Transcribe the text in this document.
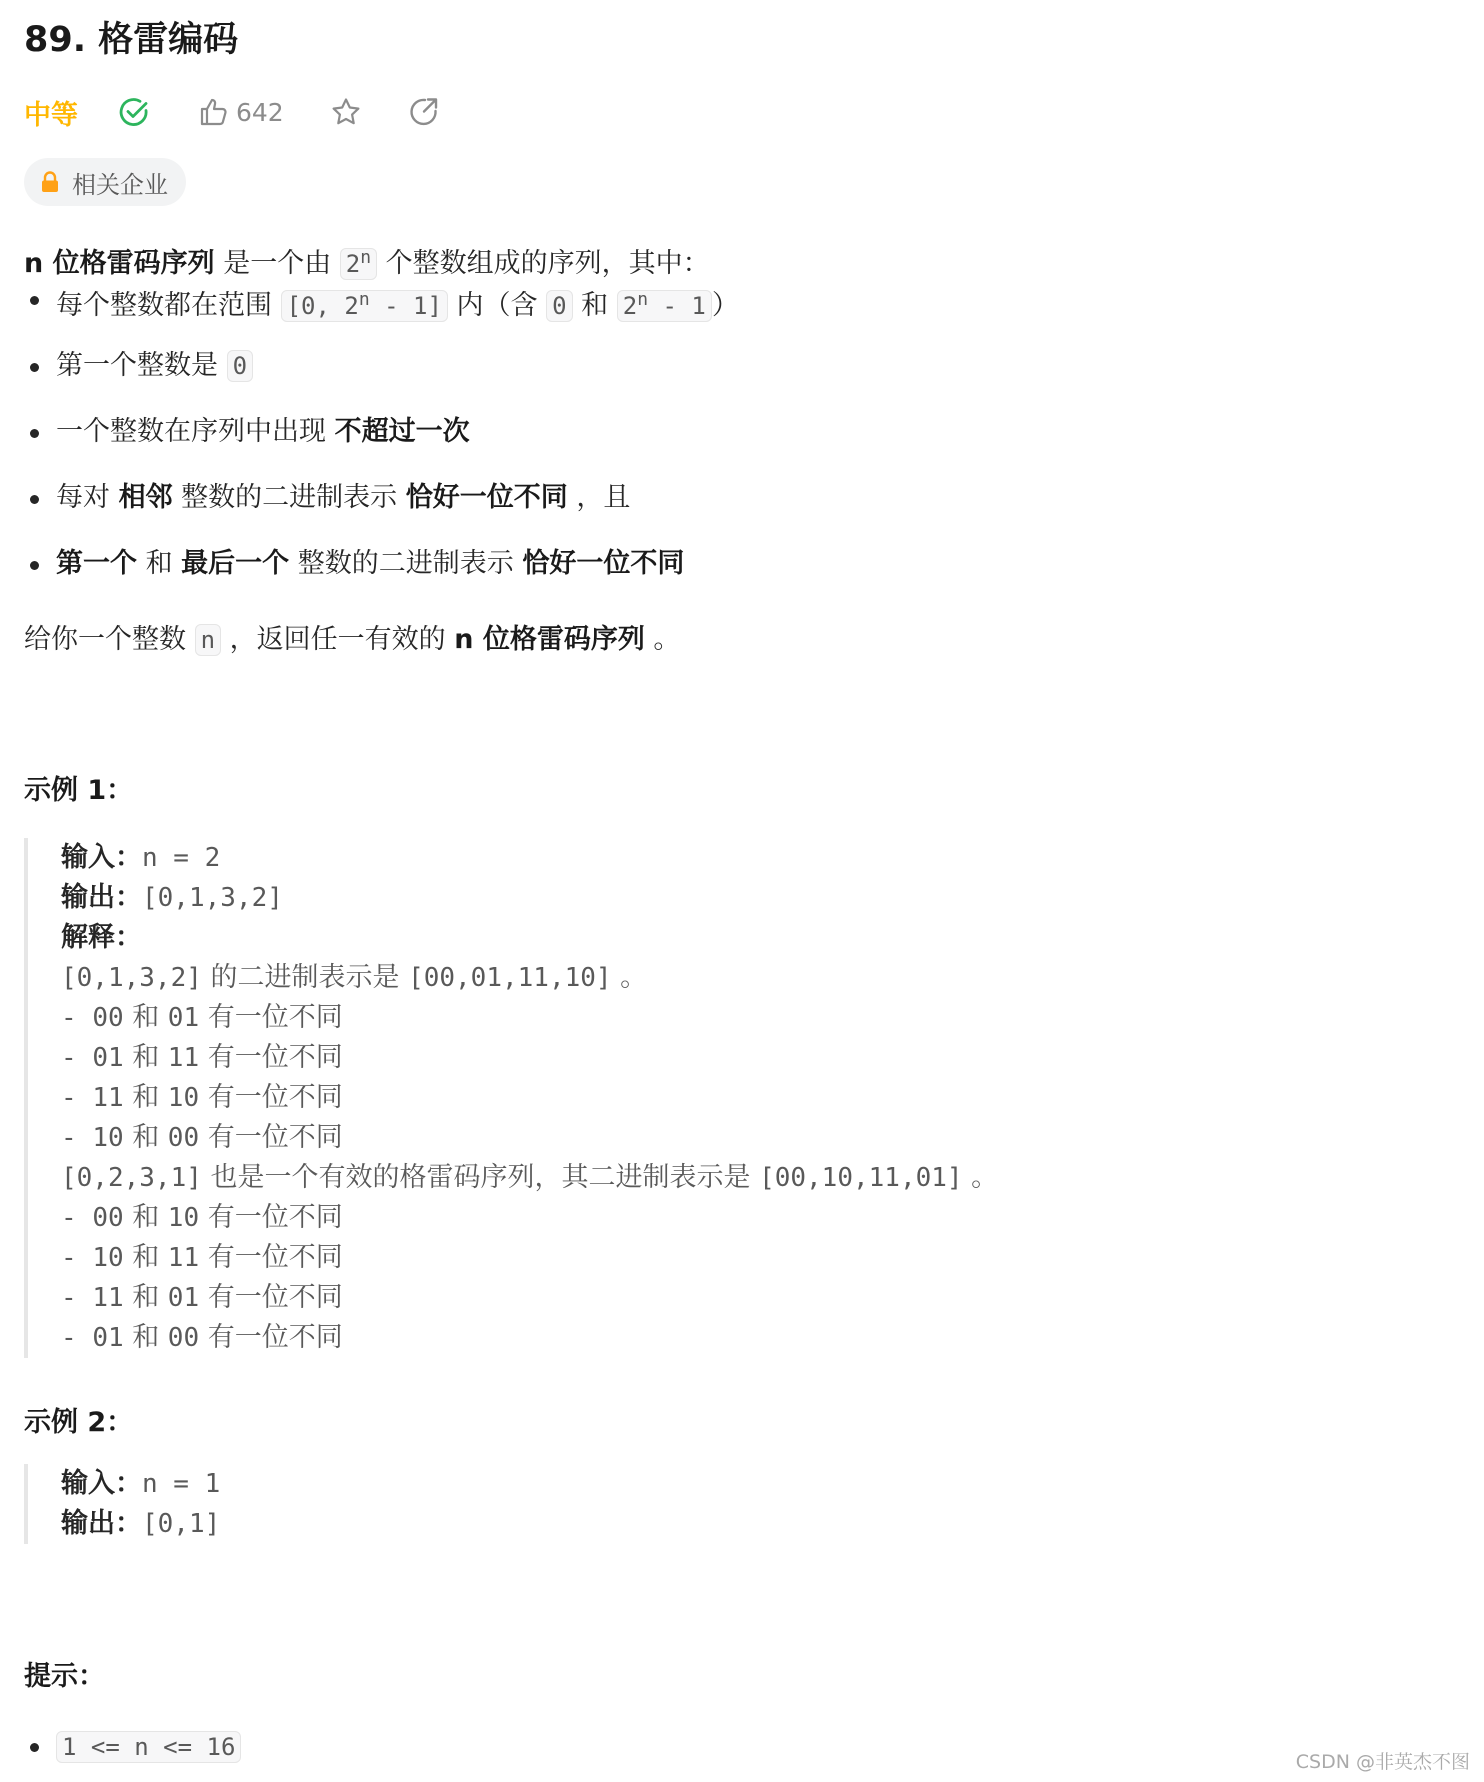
89. 格雷编码
中等	642
相关企业
n 位格雷码序列 是一个由 2$^n$ 个整数组成的序列，其中：
每个整数都在范围 [0, 2$^n$ - 1] 内（含 0 和 2$^n$ - 1 ）
第一个整数是 0
一个整数在序列中出现 不超过一次
每对 相邻 整数的二进制表示 恰好一位不同 ，且
第一个 和 最后一个 整数的二进制表示 恰好一位不同
给你一个整数 n ，返回任一有效的 n 位格雷码序列 。
示例 1：
输入：n = 2
输出：[0,1,3,2]
解释：
[0,1,3,2] 的二进制表示是 [00,01,11,10] 。
- 00 和 01 有一位不同
- 01 和 11 有一位不同
- 11 和 10 有一位不同
- 10 和 00 有一位不同
[0,2,3,1] 也是一个有效的格雷码序列，其二进制表示是 [00,10,11,01] 。
- 00 和 10 有一位不同
- 10 和 11 有一位不同
- 11 和 01 有一位不同
- 01 和 00 有一位不同
示例 2：
输入：n = 1
输出：[0,1]
提示：
1 <= n <= 16
CSDN @非英杰不图
